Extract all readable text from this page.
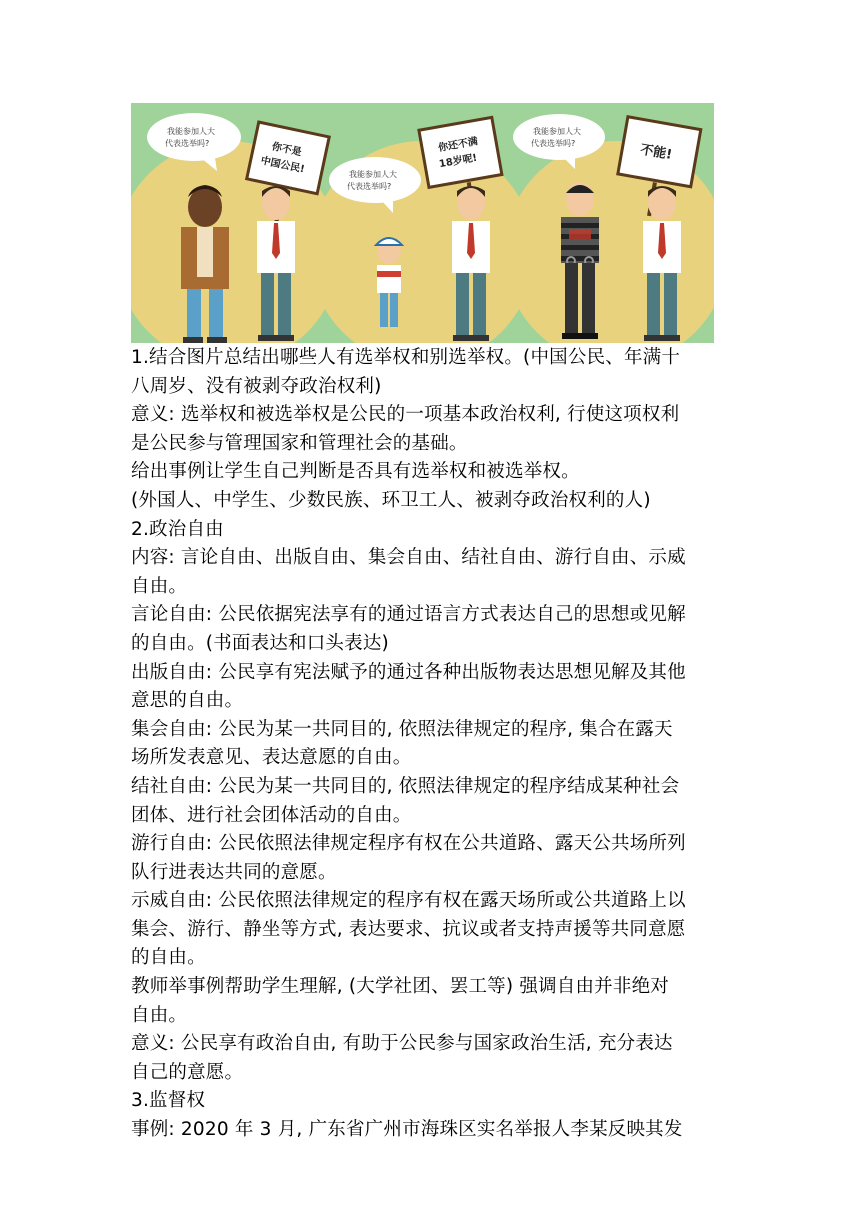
我能参加人大
代表选举吗?	你不是
中国公民!	我能参加人大
代表选举吗?
你还不满
18岁呢!
我能参加人大
代表选举吗?	不能!
1.结合图片总结出哪些人有选举权和别选举权。(中国公民、年满十
八周岁、没有被剥夺政治权利)
意义: 选举权和被选举权是公民的一项基本政治权利, 行使这项权利
是公民参与管理国家和管理社会的基础。
给出事例让学生自己判断是否具有选举权和被选举权。
(外国人、中学生、少数民族、环卫工人、被剥夺政治权利的人)
2.政治自由
内容: 言论自由、出版自由、集会自由、结社自由、游行自由、示威
自由。
言论自由: 公民依据宪法享有的通过语言方式表达自己的思想或见解
的自由。(书面表达和口头表达)
出版自由: 公民享有宪法赋予的通过各种出版物表达思想见解及其他
意思的自由。
集会自由: 公民为某一共同目的, 依照法律规定的程序, 集合在露天
场所发表意见、表达意愿的自由。
结社自由: 公民为某一共同目的, 依照法律规定的程序结成某种社会
团体、进行社会团体活动的自由。
游行自由: 公民依照法律规定程序有权在公共道路、露天公共场所列
队行进表达共同的意愿。
示威自由: 公民依照法律规定的程序有权在露天场所或公共道路上以
集会、游行、静坐等方式, 表达要求、抗议或者支持声援等共同意愿
的自由。
教师举事例帮助学生理解, (大学社团、罢工等) 强调自由并非绝对
自由。
意义: 公民享有政治自由, 有助于公民参与国家政治生活, 充分表达
自己的意愿。
3.监督权
事例: 2020 年 3 月, 广东省广州市海珠区实名举报人李某反映其发
